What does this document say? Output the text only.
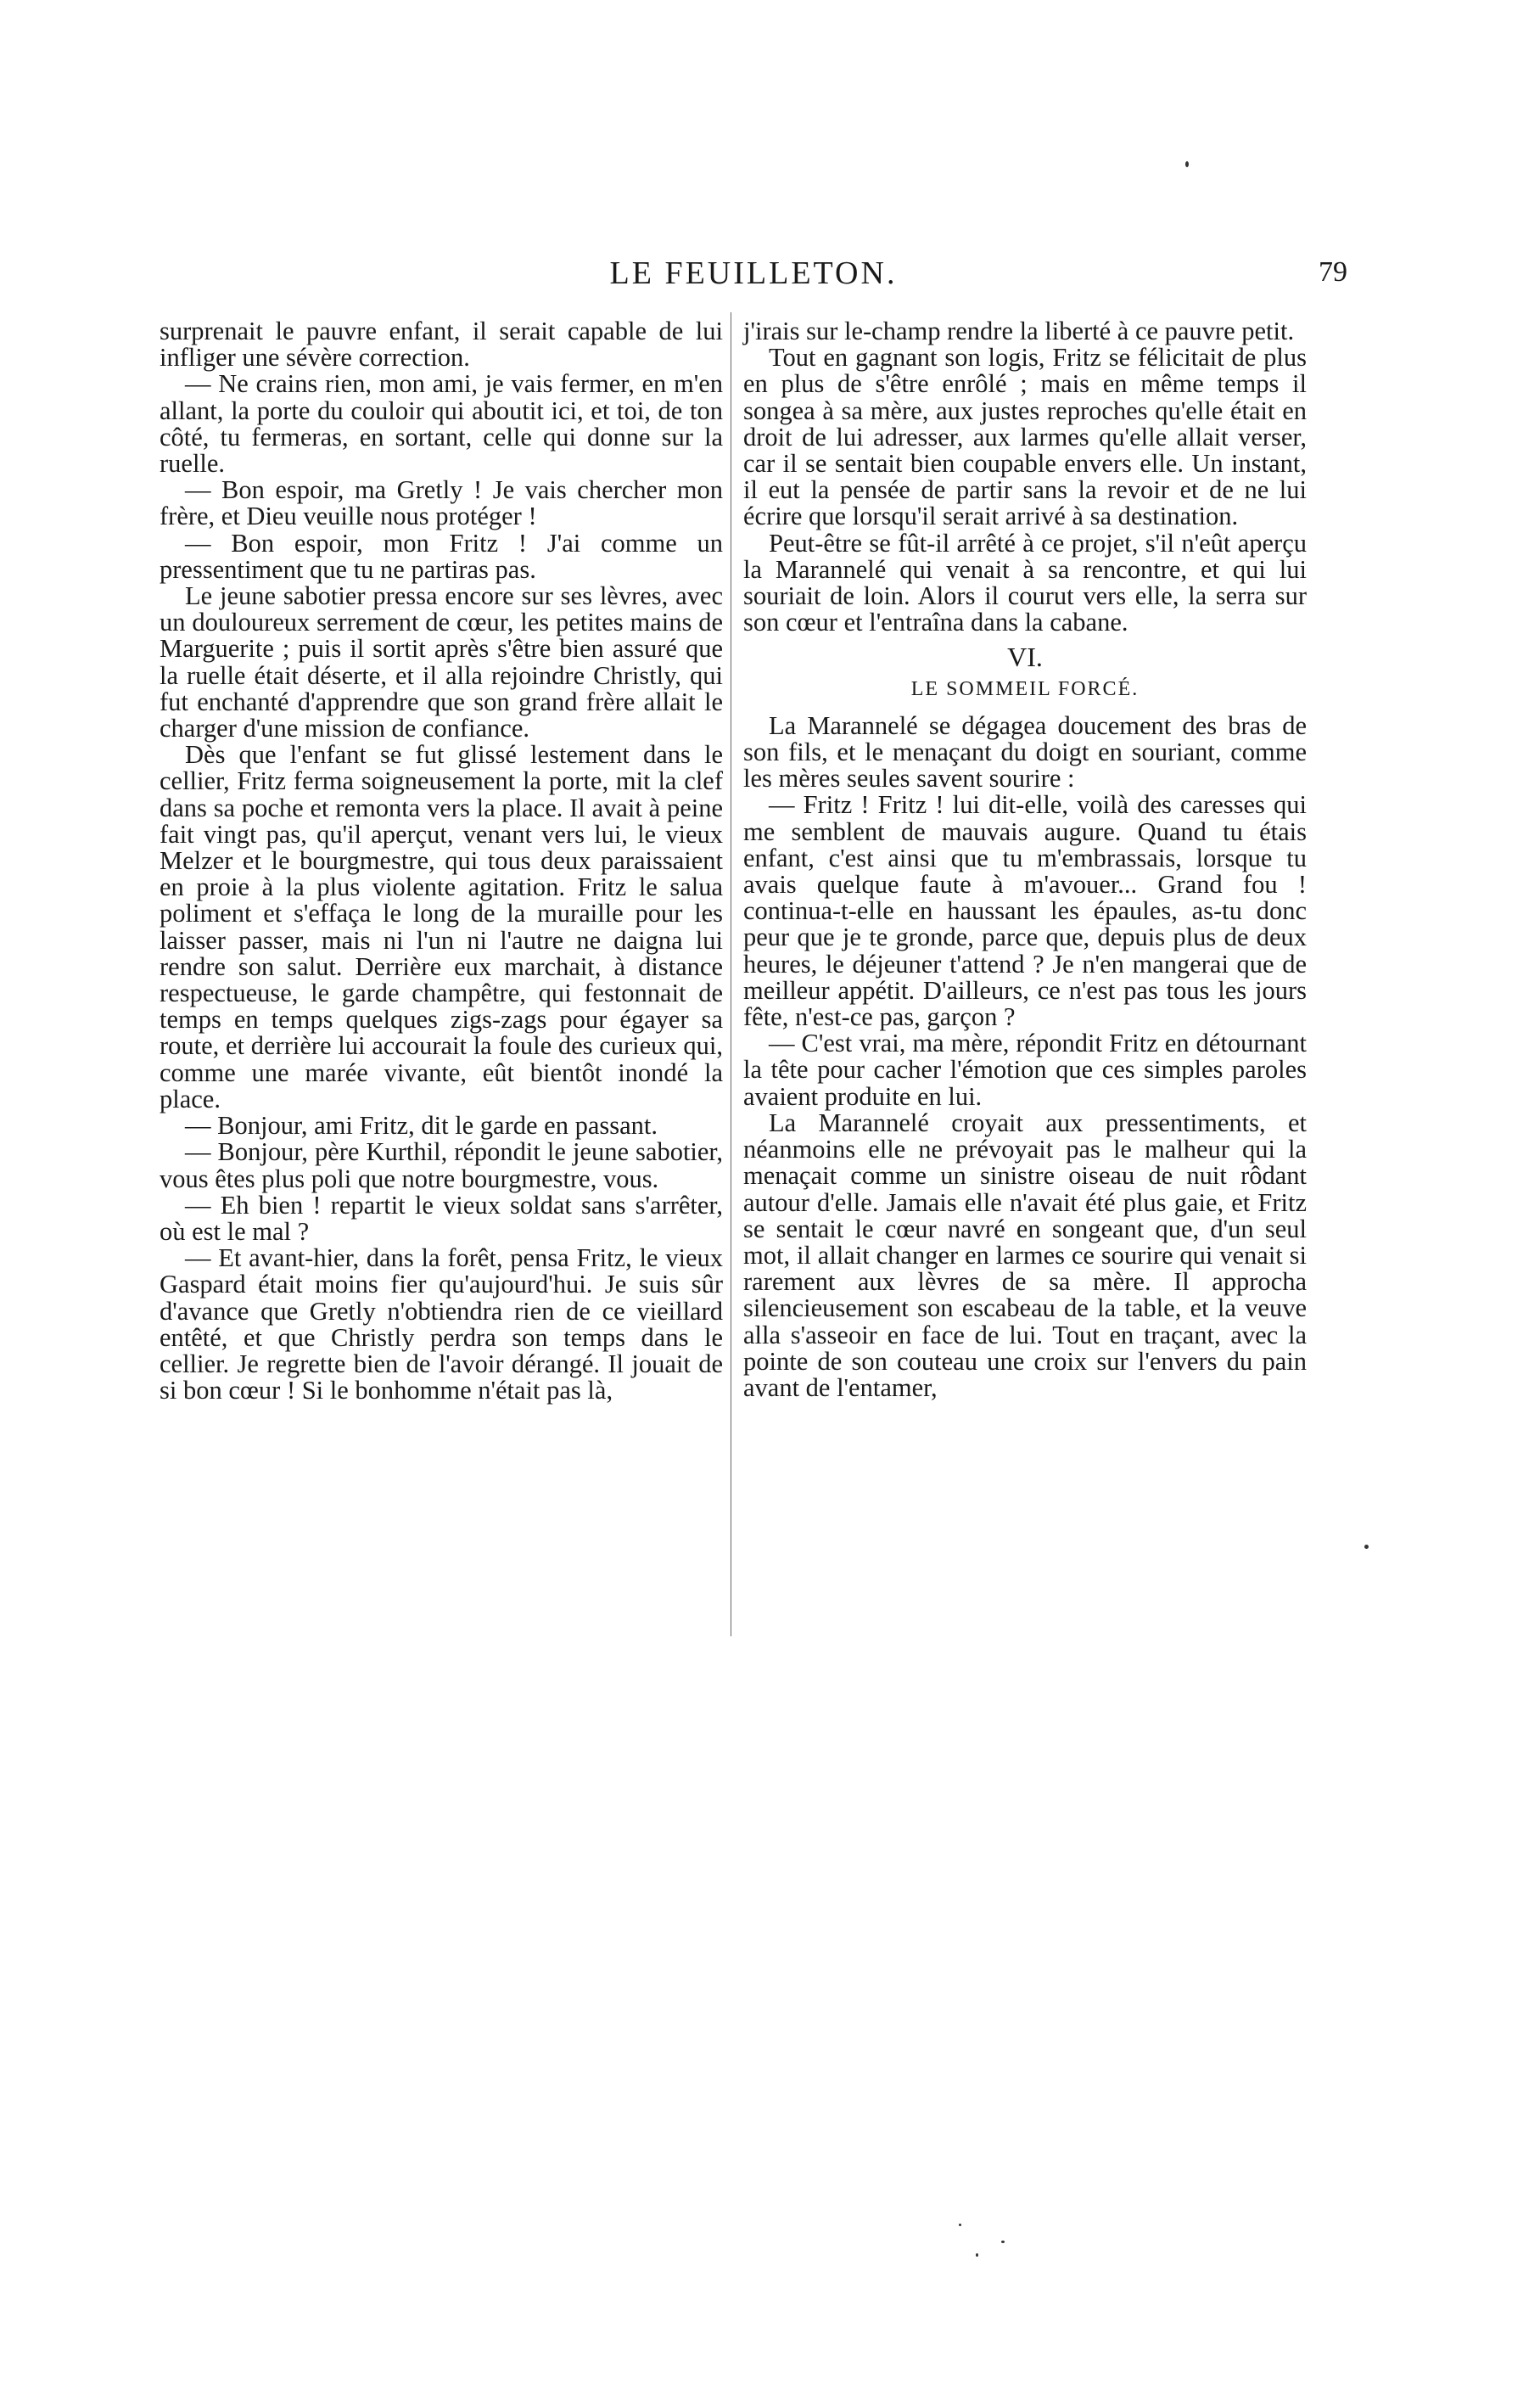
LE FEUILLETON.	79

surprenait le pauvre enfant, il serait capable de lui infliger une sévère correction.

— Ne crains rien, mon ami, je vais fermer, en m'en allant, la porte du couloir qui aboutit ici, et toi, de ton côté, tu fermeras, en sortant, celle qui donne sur la ruelle.

— Bon espoir, ma Gretly ! Je vais chercher mon frère, et Dieu veuille nous protéger !

— Bon espoir, mon Fritz ! J'ai comme un pressentiment que tu ne partiras pas.

Le jeune sabotier pressa encore sur ses lèvres, avec un douloureux serrement de cœur, les petites mains de Marguerite ; puis il sortit après s'être bien assuré que la ruelle était déserte, et il alla rejoindre Christly, qui fut enchanté d'apprendre que son grand frère allait le charger d'une mission de confiance.

Dès que l'enfant se fut glissé lestement dans le cellier, Fritz ferma soigneusement la porte, mit la clef dans sa poche et remonta vers la place. Il avait à peine fait vingt pas, qu'il aperçut, venant vers lui, le vieux Melzer et le bourgmestre, qui tous deux paraissaient en proie à la plus violente agitation. Fritz le salua poliment et s'effaça le long de la muraille pour les laisser passer, mais ni l'un ni l'autre ne daigna lui rendre son salut. Derrière eux marchait, à distance respectueuse, le garde champêtre, qui festonnait de temps en temps quelques zigs-zags pour égayer sa route, et derrière lui accourait la foule des curieux qui, comme une marée vivante, eût bientôt inondé la place.

— Bonjour, ami Fritz, dit le garde en passant.

— Bonjour, père Kurthil, répondit le jeune sabotier, vous êtes plus poli que notre bourgmestre, vous.

— Eh bien ! repartit le vieux soldat sans s'arrêter, où est le mal ?

— Et avant-hier, dans la forêt, pensa Fritz, le vieux Gaspard était moins fier qu'aujourd'hui. Je suis sûr d'avance que Gretly n'obtiendra rien de ce vieillard entêté, et que Christly perdra son temps dans le cellier. Je regrette bien de l'avoir dérangé. Il jouait de si bon cœur ! Si le bonhomme n'était pas là,

j'irais sur le-champ rendre la liberté à ce pauvre petit.

Tout en gagnant son logis, Fritz se félicitait de plus en plus de s'être enrôlé ; mais en même temps il songea à sa mère, aux justes reproches qu'elle était en droit de lui adresser, aux larmes qu'elle allait verser, car il se sentait bien coupable envers elle. Un instant, il eut la pensée de partir sans la revoir et de ne lui écrire que lorsqu'il serait arrivé à sa destination.

Peut-être se fût-il arrêté à ce projet, s'il n'eût aperçu la Marannelé qui venait à sa rencontre, et qui lui souriait de loin. Alors il courut vers elle, la serra sur son cœur et l'entraîna dans la cabane.

VI.
LE SOMMEIL FORCÉ.

La Marannelé se dégagea doucement des bras de son fils, et le menaçant du doigt en souriant, comme les mères seules savent sourire :

— Fritz ! Fritz ! lui dit-elle, voilà des caresses qui me semblent de mauvais augure. Quand tu étais enfant, c'est ainsi que tu m'embrassais, lorsque tu avais quelque faute à m'avouer... Grand fou ! continua-t-elle en haussant les épaules, as-tu donc peur que je te gronde, parce que, depuis plus de deux heures, le déjeuner t'attend ? Je n'en mangerai que de meilleur appétit. D'ailleurs, ce n'est pas tous les jours fête, n'est-ce pas, garçon ?

— C'est vrai, ma mère, répondit Fritz en détournant la tête pour cacher l'émotion que ces simples paroles avaient produite en lui.

La Marannelé croyait aux pressentiments, et néanmoins elle ne prévoyait pas le malheur qui la menaçait comme un sinistre oiseau de nuit rôdant autour d'elle. Jamais elle n'avait été plus gaie, et Fritz se sentait le cœur navré en songeant que, d'un seul mot, il allait changer en larmes ce sourire qui venait si rarement aux lèvres de sa mère. Il approcha silencieusement son escabeau de la table, et la veuve alla s'asseoir en face de lui. Tout en traçant, avec la pointe de son couteau une croix sur l'envers du pain avant de l'entamer,
